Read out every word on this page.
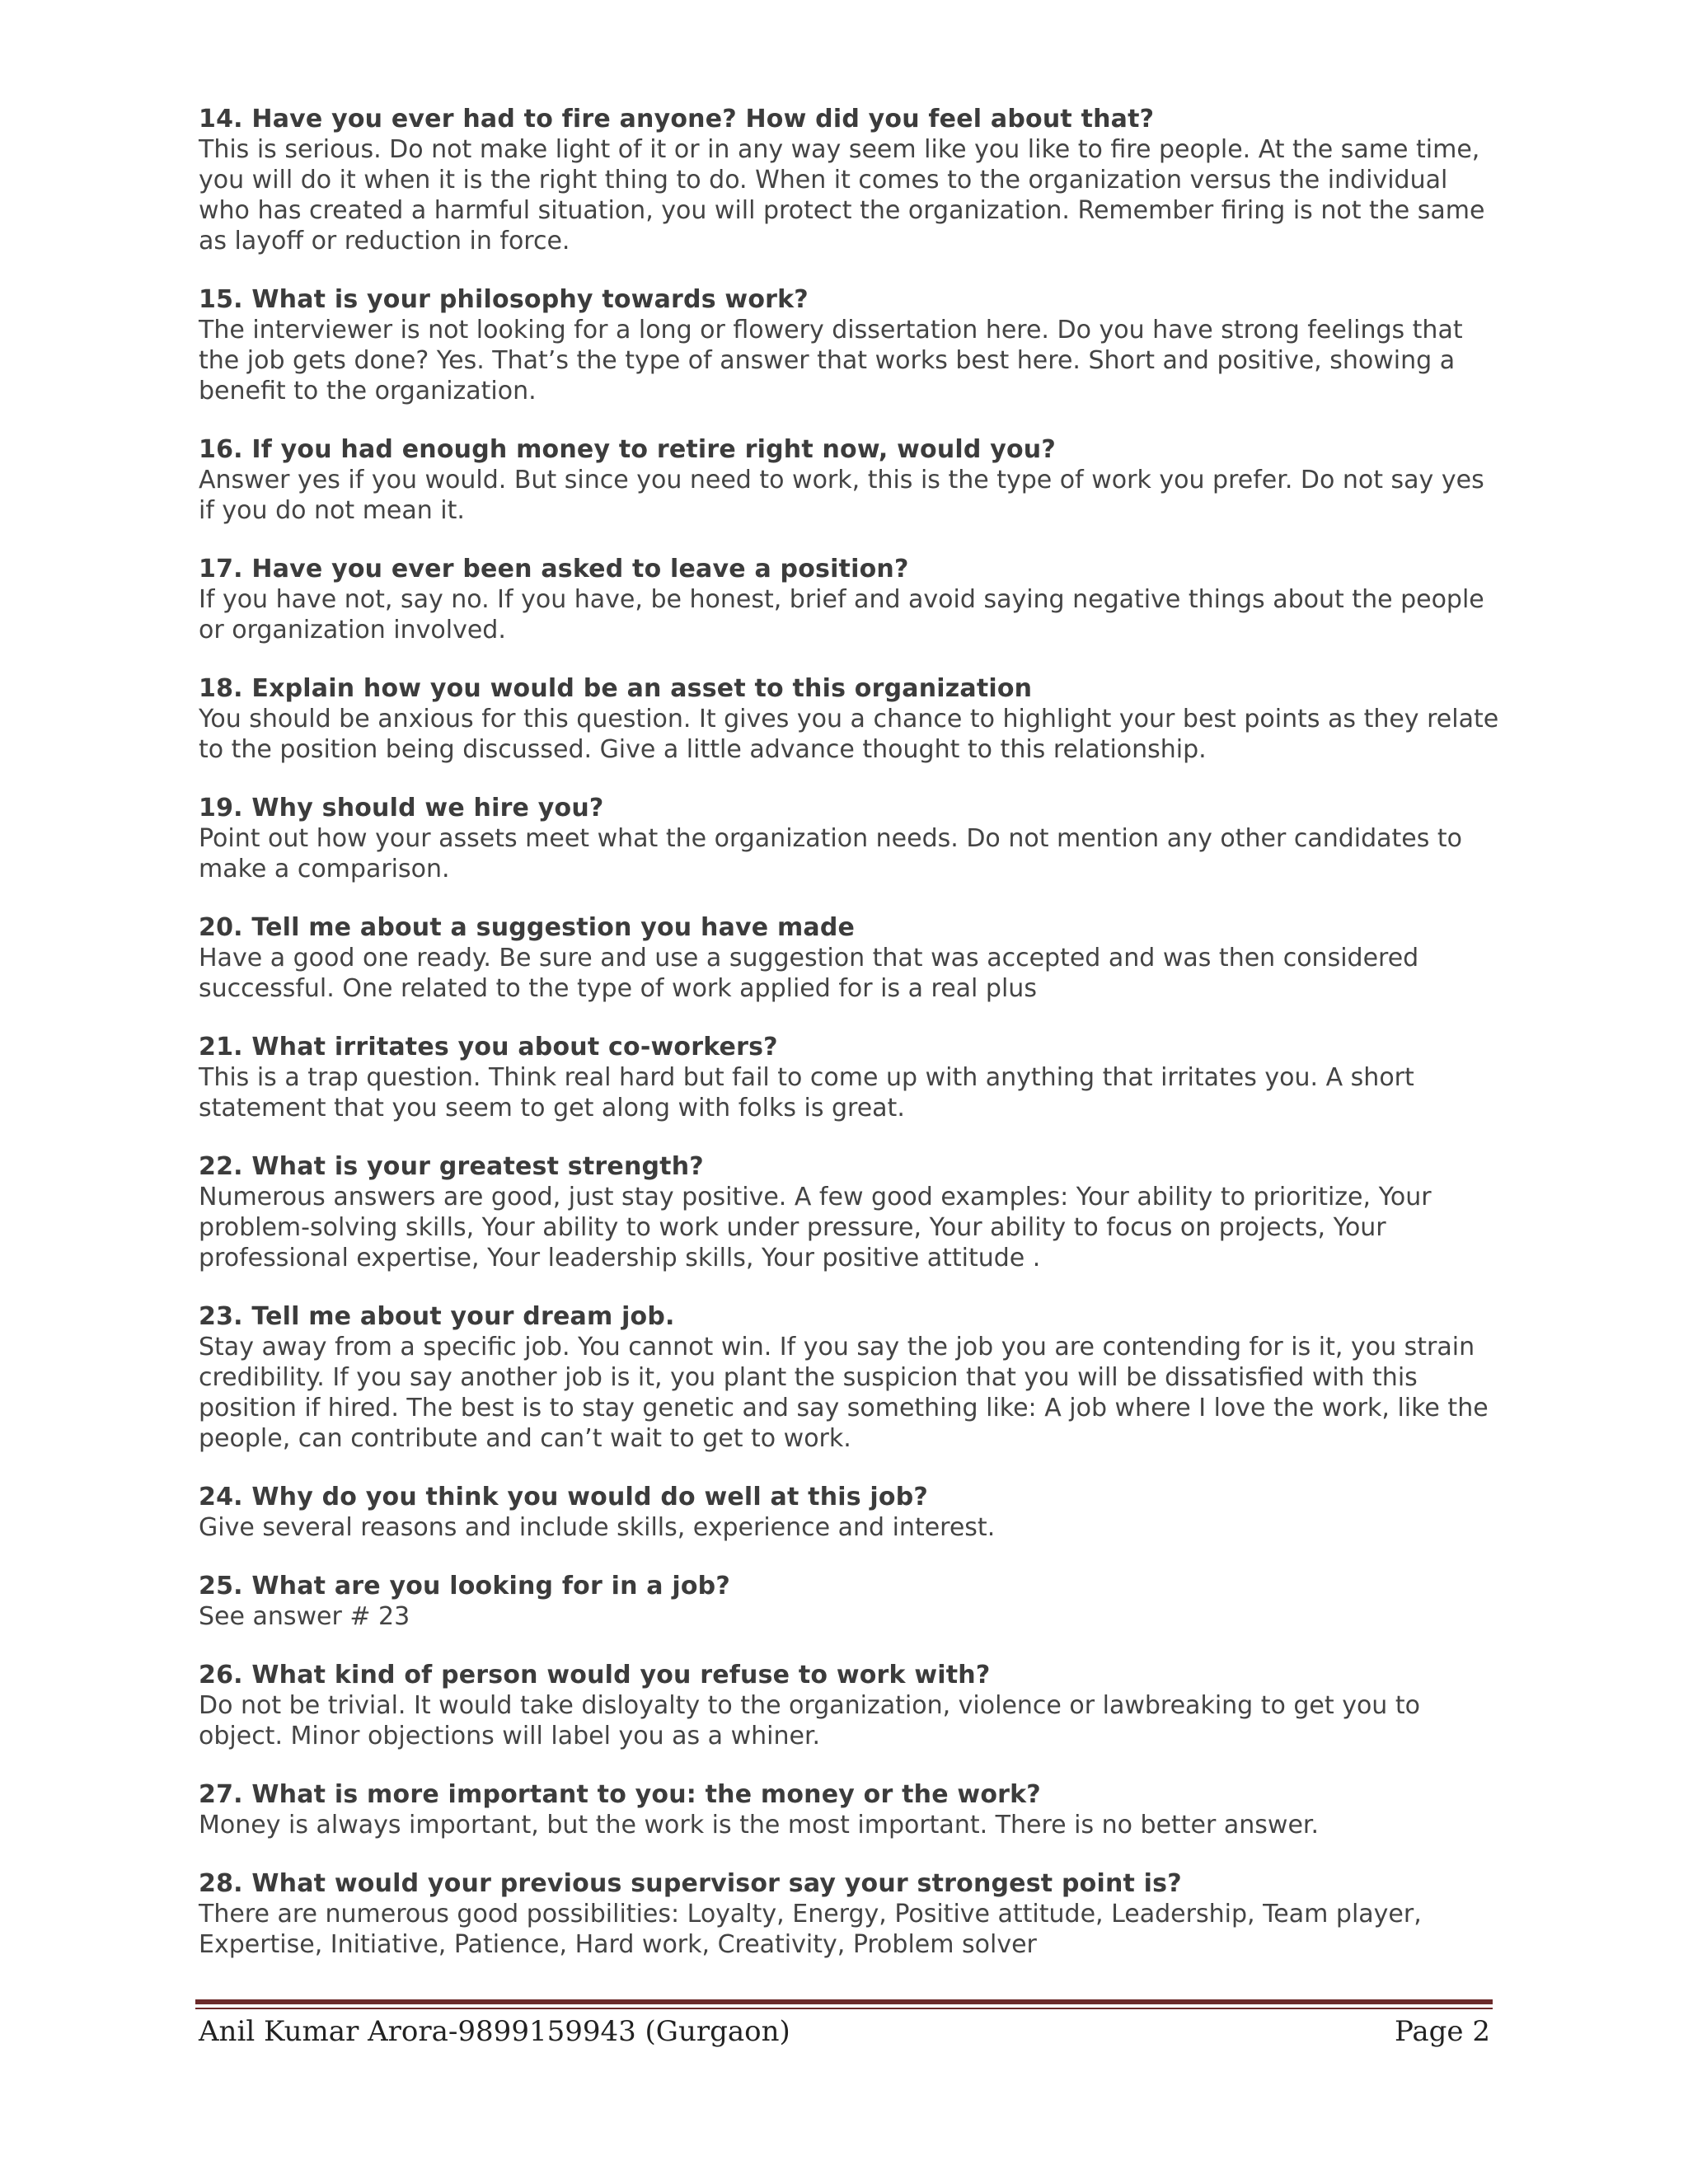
14. Have you ever had to fire anyone? How did you feel about that?
This is serious. Do not make light of it or in any way seem like you like to fire people. At the same time, you will do it when it is the right thing to do. When it comes to the organization versus the individual who has created a harmful situation, you will protect the organization. Remember firing is not the same as layoff or reduction in force.
15. What is your philosophy towards work?
The interviewer is not looking for a long or flowery dissertation here. Do you have strong feelings that the job gets done? Yes. That’s the type of answer that works best here. Short and positive, showing a benefit to the organization.
16. If you had enough money to retire right now, would you?
Answer yes if you would. But since you need to work, this is the type of work you prefer. Do not say yes if you do not mean it.
17. Have you ever been asked to leave a position?
If you have not, say no. If you have, be honest, brief and avoid saying negative things about the people or organization involved.
18. Explain how you would be an asset to this organization
You should be anxious for this question. It gives you a chance to highlight your best points as they relate to the position being discussed. Give a little advance thought to this relationship.
19. Why should we hire you?
Point out how your assets meet what the organization needs. Do not mention any other candidates to make a comparison.
20. Tell me about a suggestion you have made
Have a good one ready. Be sure and use a suggestion that was accepted and was then considered successful. One related to the type of work applied for is a real plus
21. What irritates you about co-workers?
This is a trap question. Think real hard but fail to come up with anything that irritates you. A short statement that you seem to get along with folks is great.
22. What is your greatest strength?
Numerous answers are good, just stay positive. A few good examples: Your ability to prioritize, Your problem-solving skills, Your ability to work under pressure, Your ability to focus on projects, Your professional expertise, Your leadership skills, Your positive attitude .
23. Tell me about your dream job.
Stay away from a specific job. You cannot win. If you say the job you are contending for is it, you strain credibility. If you say another job is it, you plant the suspicion that you will be dissatisfied with this position if hired. The best is to stay genetic and say something like: A job where I love the work, like the people, can contribute and can’t wait to get to work.
24. Why do you think you would do well at this job?
Give several reasons and include skills, experience and interest.
25. What are you looking for in a job?
See answer # 23
26. What kind of person would you refuse to work with?
Do not be trivial. It would take disloyalty to the organization, violence or lawbreaking to get you to object. Minor objections will label you as a whiner.
27. What is more important to you: the money or the work?
Money is always important, but the work is the most important. There is no better answer.
28. What would your previous supervisor say your strongest point is?
There are numerous good possibilities: Loyalty, Energy, Positive attitude, Leadership, Team player, Expertise, Initiative, Patience, Hard work, Creativity, Problem solver
Anil Kumar Arora-9899159943 (Gurgaon)	Page 2
